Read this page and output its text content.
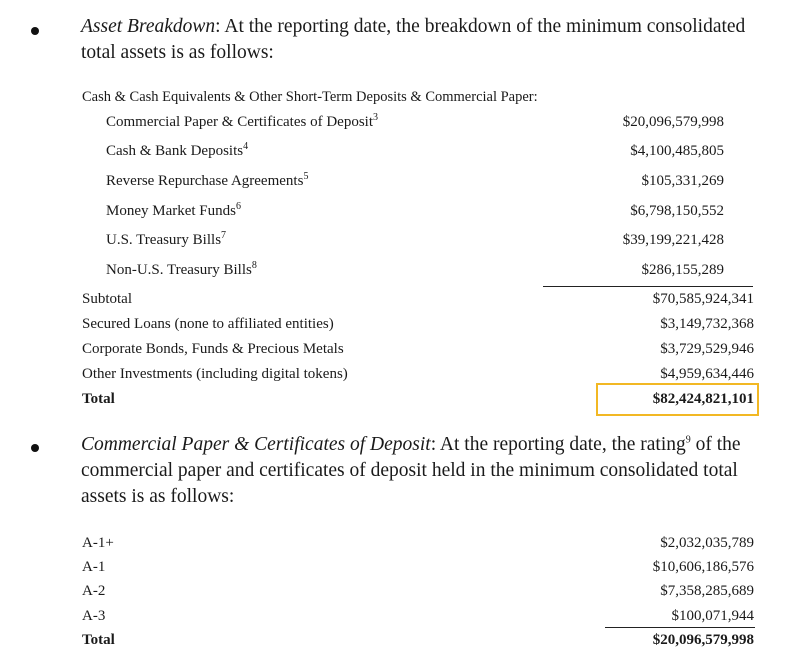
Asset Breakdown: At the reporting date, the breakdown of the minimum consolidated total assets is as follows:

Cash & Cash Equivalents & Other Short-Term Deposits & Commercial Paper:
Commercial Paper & Certificates of Deposit$^3$	$20,096,579,998
Cash & Bank Deposits$^4$	$4,100,485,805
Reverse Repurchase Agreements$^5$	$105,331,269
Money Market Funds$^6$	$6,798,150,552
U.S. Treasury Bills$^7$	$39,199,221,428
Non-U.S. Treasury Bills$^8$	$286,155,289
Subtotal	$70,585,924,341
Secured Loans (none to affiliated entities)	$3,149,732,368
Corporate Bonds, Funds & Precious Metals	$3,729,529,946
Other Investments (including digital tokens)	$4,959,634,446
Total	$82,424,821,101

Commercial Paper & Certificates of Deposit: At the reporting date, the rating$^9$ of the commercial paper and certificates of deposit held in the minimum consolidated total assets is as follows:

A-1+	$2,032,035,789
A-1	$10,606,186,576
A-2	$7,358,285,689
A-3	$100,071,944
Total	$20,096,579,998
